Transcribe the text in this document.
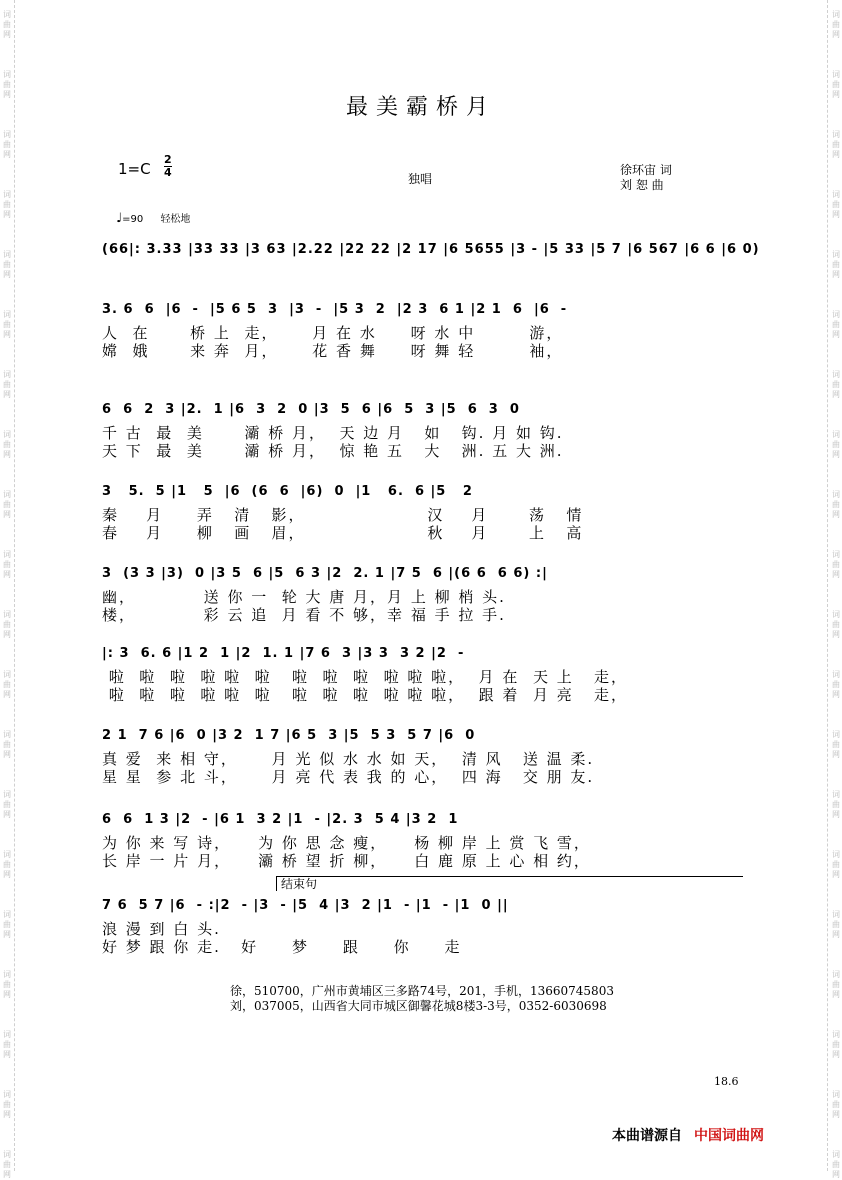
词曲网
词曲网
词曲网
词曲网
词曲网
词曲网
词曲网
词曲网
词曲网
词曲网
词曲网
词曲网
词曲网
词曲网
词曲网
词曲网
词曲网
词曲网
词曲网
词曲网
词曲网
词曲网
词曲网
词曲网
词曲网
词曲网
词曲网
词曲网
词曲网
词曲网
词曲网
词曲网
词曲网
词曲网
词曲网
词曲网
词曲网
词曲网
词曲网
词曲网
最美霸桥月
1=C
2
4	独唱
徐环宙 词
刘 恕 曲
♩=90 轻松地
(66|: 3.33 |33 33 |3 63 |2.22 |22 22 |2 17 |6 5655 |3 - |5 33 |5 7 |6 567 |6 6 |6 0)
3. 6  6  |6  -  |5 6 5  3  |3  -  |5 3  2  |2 3  6 1 |2 1  6  |6  -
人  在      桥 上  走，     月 在 水     呀 水 中        游，
嫦  娥      来 奔  月，     花 香 舞     呀 舞 轻        袖，
6  6  2  3 |2.  1 |6  3  2  0 |3  5  6 |6  5  3 |5  6  3  0
千 古  最  美      灞 桥 月，  天 边 月   如   钩. 月 如 钩.
天 下  最  美      灞 桥 月，  惊 艳 五   大   洲. 五 大 洲.
3   5.  5 |1   5  |6  (6  6  |6)  0  |1   6.  6 |5   2
秦    月     弄   清   影，                  汉    月      荡   情
春    月     柳   画   眉，                  秋    月      上   高
3  (3 3 |3)  0 |3 5  6 |5  6 3 |2  2. 1 |7 5  6 |(6 6  6 6) :|
幽，          送 你 一  轮 大 唐 月，月 上 柳 梢 头.
楼，          彩 云 追  月 看 不 够，幸 福 手 拉 手.
|: 3  6. 6 |1 2  1 |2  1. 1 |7 6  3 |3 3  3 2 |2  -
啦  啦  啦  啦 啦  啦   啦  啦  啦  啦 啦 啦，  月 在  天 上   走，
啦  啦  啦  啦 啦  啦   啦  啦  啦  啦 啦 啦，  跟 着  月 亮   走，
2 1  7 6 |6  0 |3 2  1 7 |6 5  3 |5  5 3  5 7 |6  0
真 爱  来 相 守，     月 光 似 水 水 如 天，  清 风   送 温 柔.
星 星  参 北 斗，     月 亮 代 表 我 的 心，  四 海   交 朋 友.
6  6  1 3 |2  - |6 1  3 2 |1  - |2. 3  5 4 |3 2  1
为 你 来 写 诗，    为 你 思 念 瘦，    杨 柳 岸 上 赏 飞 雪，
长 岸 一 片 月，    灞 桥 望 折 柳，    白 鹿 原 上 心 相 约，
7 6  5 7 |6  - :|2  - |3  - |5  4 |3  2 |1  - |1  - |1  0 ||
浪 漫 到 白 头.
好 梦 跟 你 走.   好     梦     跟     你     走
结束句
徐，510700，广州市黄埔区三多路74号，201，手机，13660745803
刘，037005，山西省大同市城区御馨花城8楼3-3号，0352-6030698
18.6
本曲谱源自 中国词曲网
